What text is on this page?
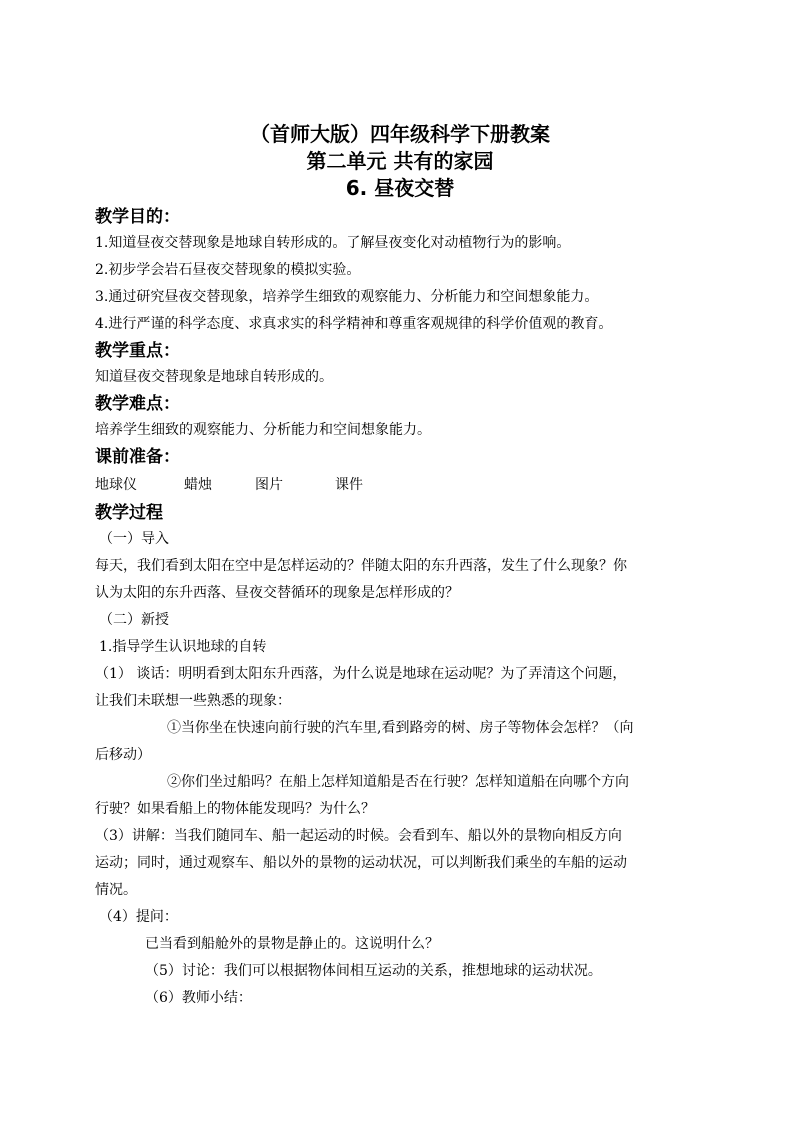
（首师大版）四年级科学下册教案
第二单元 共有的家园
6. 昼夜交替
教学目的：
1.知道昼夜交替现象是地球自转形成的。了解昼夜变化对动植物行为的影响。
2.初步学会岩石昼夜交替现象的模拟实验。
3.通过研究昼夜交替现象，培养学生细致的观察能力、分析能力和空间想象能力。
4.进行严谨的科学态度、求真求实的科学精神和尊重客观规律的科学价值观的教育。
教学重点：
知道昼夜交替现象是地球自转形成的。
教学难点：
培养学生细致的观察能力、分析能力和空间想象能力。
课前准备：
地球仪	蜡烛	图片	课件
教学过程
（一）导入
每天，我们看到太阳在空中是怎样运动的？伴随太阳的东升西落，发生了什么现象？你
认为太阳的东升西落、昼夜交替循环的现象是怎样形成的？
（二）新授
1.指导学生认识地球的自转
（1） 谈话：明明看到太阳东升西落，为什么说是地球在运动呢？为了弄清这个问题，
让我们未联想一些熟悉的现象：
①当你坐在快速向前行驶的汽车里,看到路旁的树、房子等物体会怎样？（向
后移动）
②你们坐过船吗？在船上怎样知道船是否在行驶？怎样知道船在向哪个方向
行驶？如果看船上的物体能发现吗？为什么？
（3）讲解：当我们随同车、船一起运动的时候。会看到车、船以外的景物向相反方向
运动；同时，通过观察车、船以外的景物的运动状况，可以判断我们乘坐的车船的运动
情况。
（4）提问：
已当看到船舱外的景物是静止的。这说明什么？
（5）讨论：我们可以根据物体间相互运动的关系，推想地球的运动状况。
（6）教师小结：
